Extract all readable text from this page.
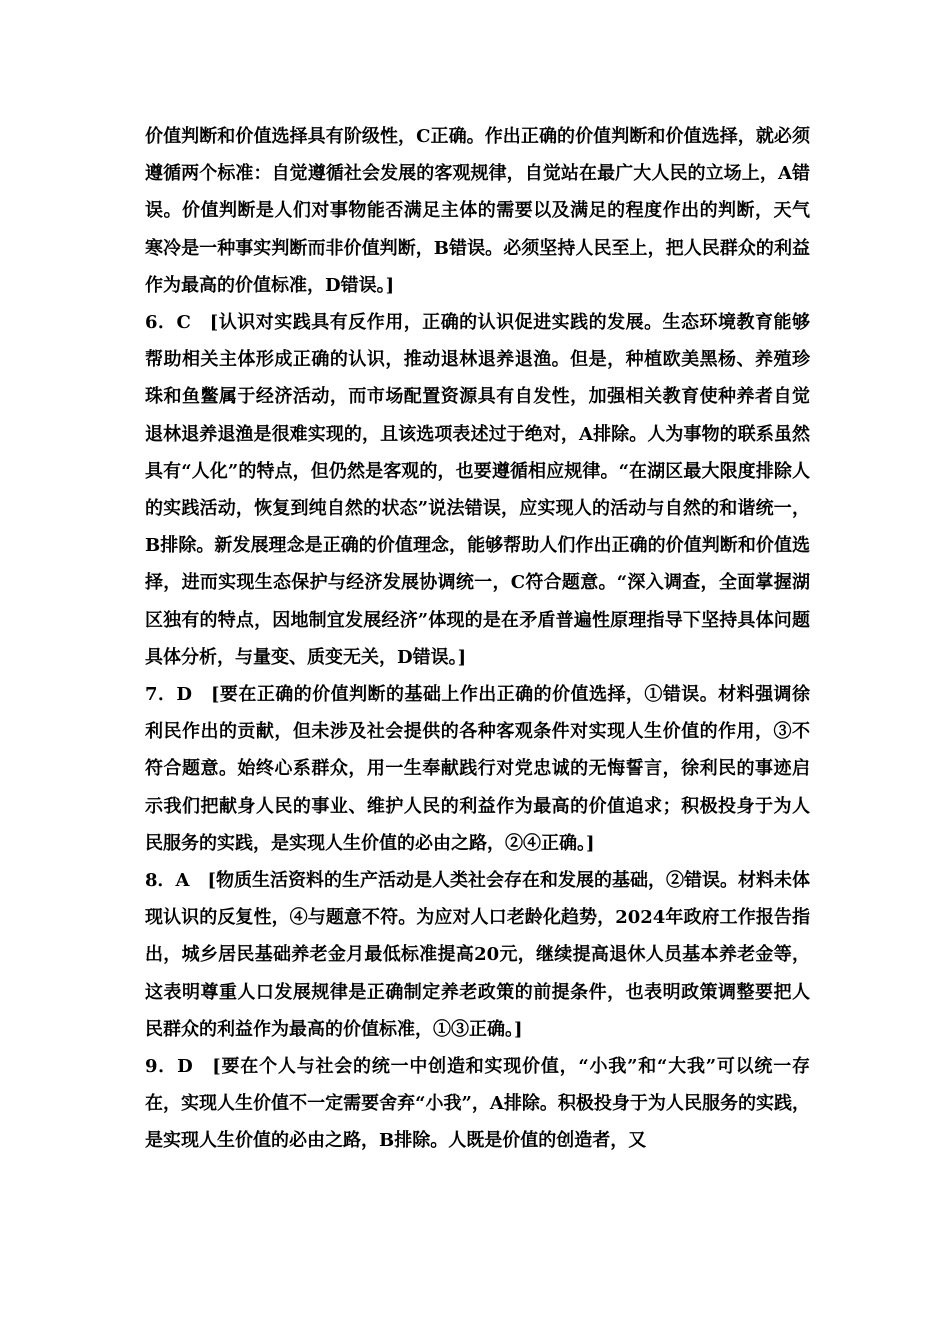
价值判断和价值选择具有阶级性，C正确。作出正确的价值判断和价值选择，就必须遵循两个标准：自觉遵循社会发展的客观规律，自觉站在最广大人民的立场上，A错误。价值判断是人们对事物能否满足主体的需要以及满足的程度作出的判断，天气寒冷是一种事实判断而非价值判断，B错误。必须坚持人民至上，把人民群众的利益作为最高的价值标准，D错误。]

6．C　[认识对实践具有反作用，正确的认识促进实践的发展。生态环境教育能够帮助相关主体形成正确的认识，推动退林退养退渔。但是，种植欧美黑杨、养殖珍珠和鱼鳖属于经济活动，而市场配置资源具有自发性，加强相关教育使种养者自觉退林退养退渔是很难实现的，且该选项表述过于绝对，A排除。人为事物的联系虽然具有“人化”的特点，但仍然是客观的，也要遵循相应规律。“在湖区最大限度排除人的实践活动，恢复到纯自然的状态”说法错误，应实现人的活动与自然的和谐统一，B排除。新发展理念是正确的价值理念，能够帮助人们作出正确的价值判断和价值选择，进而实现生态保护与经济发展协调统一，C符合题意。“深入调查，全面掌握湖区独有的特点，因地制宜发展经济”体现的是在矛盾普遍性原理指导下坚持具体问题具体分析，与量变、质变无关，D错误。]

7．D　[要在正确的价值判断的基础上作出正确的价值选择，①错误。材料强调徐利民作出的贡献，但未涉及社会提供的各种客观条件对实现人生价值的作用，③不符合题意。始终心系群众，用一生奉献践行对党忠诚的无悔誓言，徐利民的事迹启示我们把献身人民的事业、维护人民的利益作为最高的价值追求；积极投身于为人民服务的实践，是实现人生价值的必由之路，②④正确。]

8．A　[物质生活资料的生产活动是人类社会存在和发展的基础，②错误。材料未体现认识的反复性，④与题意不符。为应对人口老龄化趋势，2024年政府工作报告指出，城乡居民基础养老金月最低标准提高20元，继续提高退休人员基本养老金等，这表明尊重人口发展规律是正确制定养老政策的前提条件，也表明政策调整要把人民群众的利益作为最高的价值标准，①③正确。]

9．D　[要在个人与社会的统一中创造和实现价值，“小我”和“大我”可以统一存在，实现人生价值不一定需要舍弃“小我”，A排除。积极投身于为人民服务的实践，是实现人生价值的必由之路，B排除。人既是价值的创造者，又
